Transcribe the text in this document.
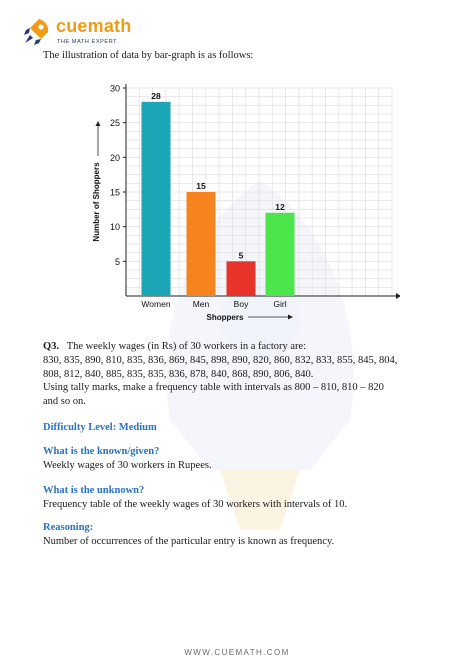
cuemath
THE MATH EXPERT
The illustration of data by bar-graph is as follows:
5
10
15
20
25
30
28
15
5
12
Women	Men	Boy	Girl
Shoppers
Number of Shoppers
Q3. The weekly wages (in Rs) of 30 workers in a factory are:
830, 835, 890, 810, 835, 836, 869, 845, 898, 890, 820, 860, 832, 833, 855, 845, 804,
808, 812, 840, 885, 835, 835, 836, 878, 840, 868, 890, 806, 840.
Using tally marks, make a frequency table with intervals as 800 – 810, 810 – 820
and so on.
Difficulty Level: Medium
What is the known/given?
Weekly wages of 30 workers in Rupees.
What is the unknown?
Frequency table of the weekly wages of 30 workers with intervals of 10.
Reasoning:
Number of occurrences of the particular entry is known as frequency.
WWW.CUEMATH.COM
